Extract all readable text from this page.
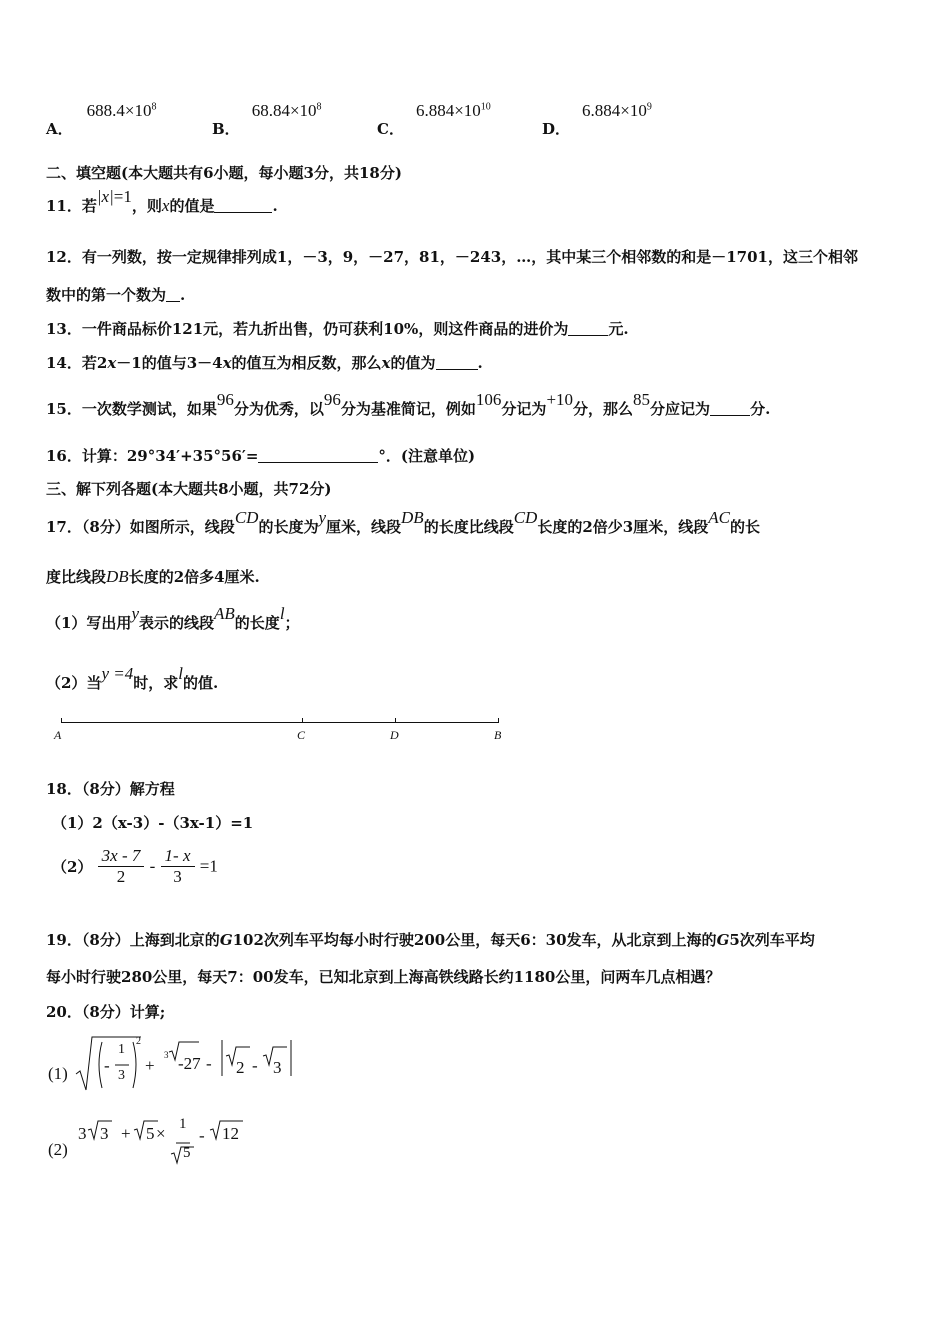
A．$688.4\times 10^8$
B．$68.84\times 10^8$
C．$6.884\times 10^{10}$
D．$6.884\times 10^9$
二、填空题(本大题共有6小题，每小题3分，共18分)
11．若|x|=1，则x的值是	.
12．有一列数，按一定规律排列成1，－3，9，－27，81，－243，…，其中某三个相邻数的和是－1701，这三个相邻
数中的第一个数为 .
13．一件商品标价121元，若九折出售，仍可获利10%，则这件商品的进价为	元.
14．若2x－1的值与3－4x的值互为相反数，那么x的值为	.
15．一次数学测试，如果96分为优秀，以96分为基准简记，例如106分记为+10分，那么85分应记为	分.
16．计算：29°34′+35°56′=	°．(注意单位)
三、解下列各题(本大题共8小题，共72分)
17．（8分）如图所示，线段CD的长度为y厘米，线段DB的长度比线段CD长度的2倍少3厘米，线段AC的长
度比线段DB长度的2倍多4厘米.
（1）写出用y表示的线段AB的长度l；
（2）当y =4时，求l的值.
A	C	D	B
18．（8分）解方程
（1）2（x-3）-（3x-1）=1
$(2) \frac{3x - 7}{2} - \frac{1- x}{3} =1$
19．（8分）上海到北京的G102次列车平均每小时行驶200公里，每天6：30发车，从北京到上海的G5次列车平均
每小时行驶280公里，每天7：00发车，已知北京到上海高铁线路长约1180公里，问两车几点相遇？
20．（8分）计算;
(1) -
1
3
2
+
3 -27 - 2 - 3
(2)
3 3 + 5 × 1
5
- 12
